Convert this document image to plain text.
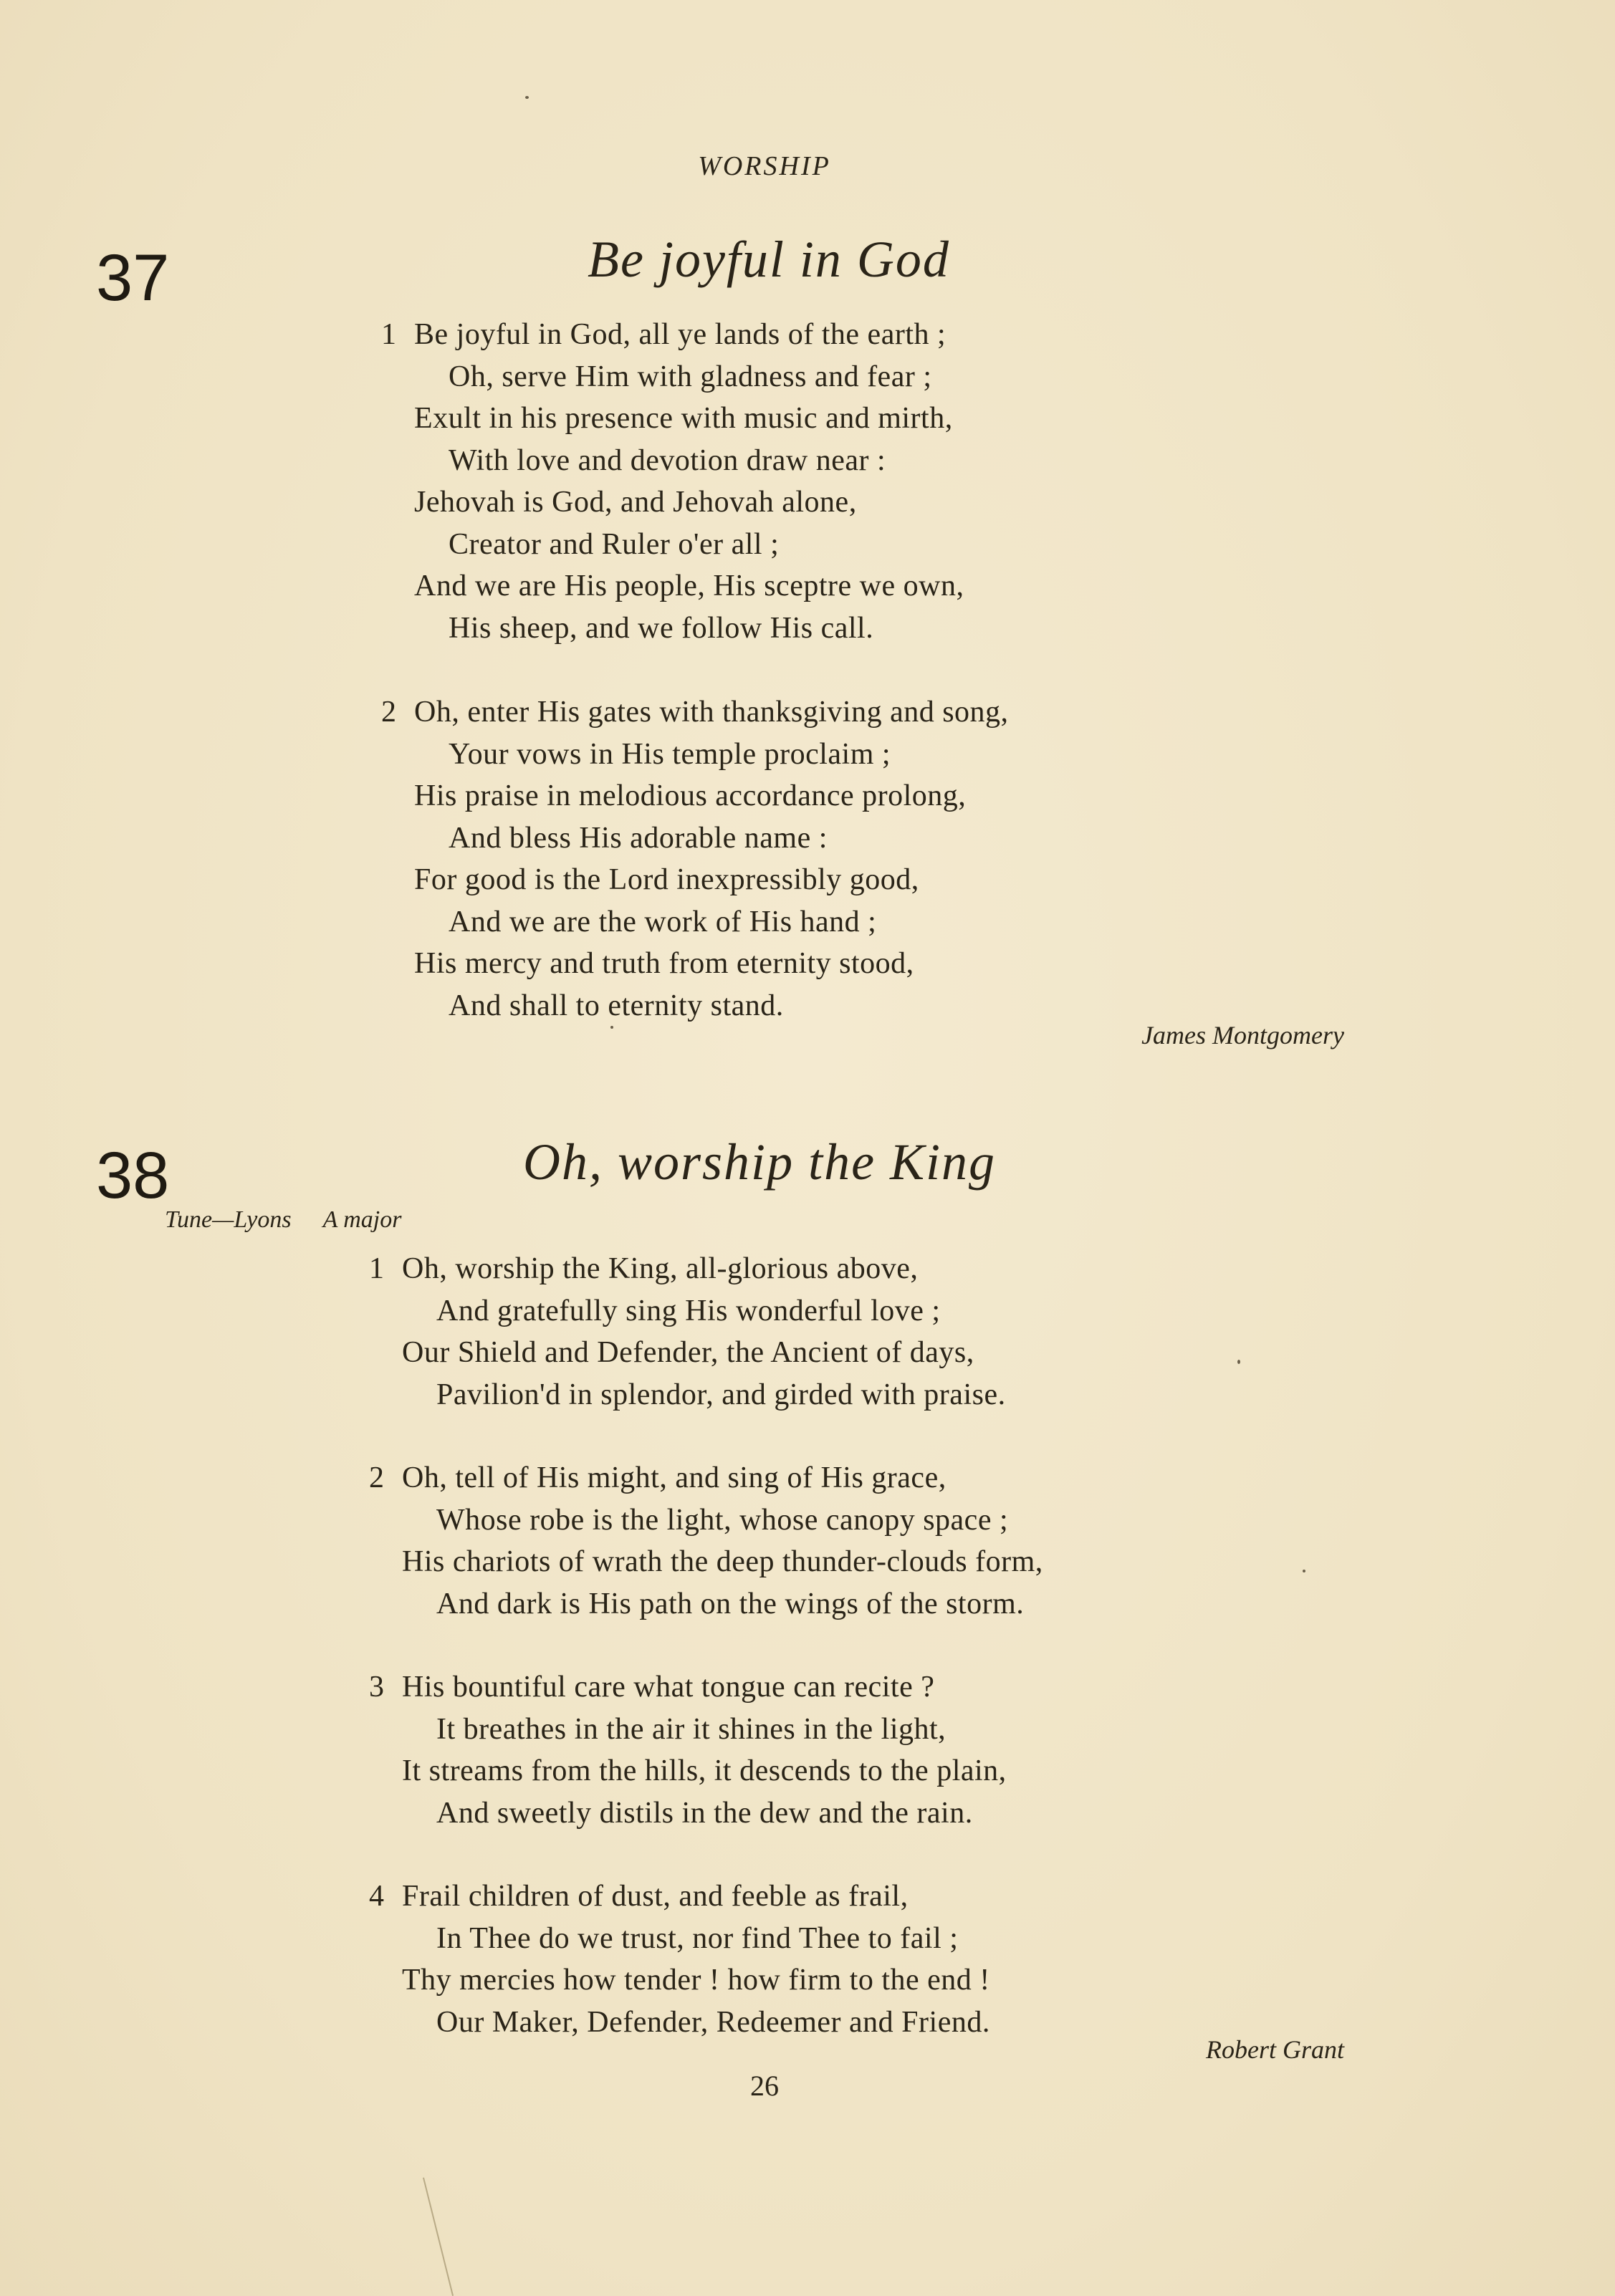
WORSHIP
37	Be joyful in God
1 Be joyful in God, all ye lands of the earth ;
Oh, serve Him with gladness and fear ;
Exult in his presence with music and mirth,
With love and devotion draw near :
Jehovah is God, and Jehovah alone,
Creator and Ruler o'er all ;
And we are His people, His sceptre we own,
His sheep, and we follow His call.
2 Oh, enter His gates with thanksgiving and song,
Your vows in His temple proclaim ;
His praise in melodious accordance prolong,
And bless His adorable name :
For good is the Lord inexpressibly good,
And we are the work of His hand ;
His mercy and truth from eternity stood,
And shall to eternity stand.
James Montgomery
38	Oh, worship the King
Tune—Lyons A major
1 Oh, worship the King, all-glorious above,
And gratefully sing His wonderful love ;
Our Shield and Defender, the Ancient of days,
Pavilion'd in splendor, and girded with praise.
2 Oh, tell of His might, and sing of His grace,
Whose robe is the light, whose canopy space ;
His chariots of wrath the deep thunder-clouds form,
And dark is His path on the wings of the storm.
3 His bountiful care what tongue can recite ?
It breathes in the air it shines in the light,
It streams from the hills, it descends to the plain,
And sweetly distils in the dew and the rain.
4 Frail children of dust, and feeble as frail,
In Thee do we trust, nor find Thee to fail ;
Thy mercies how tender ! how firm to the end !
Our Maker, Defender, Redeemer and Friend.
Robert Grant
26
